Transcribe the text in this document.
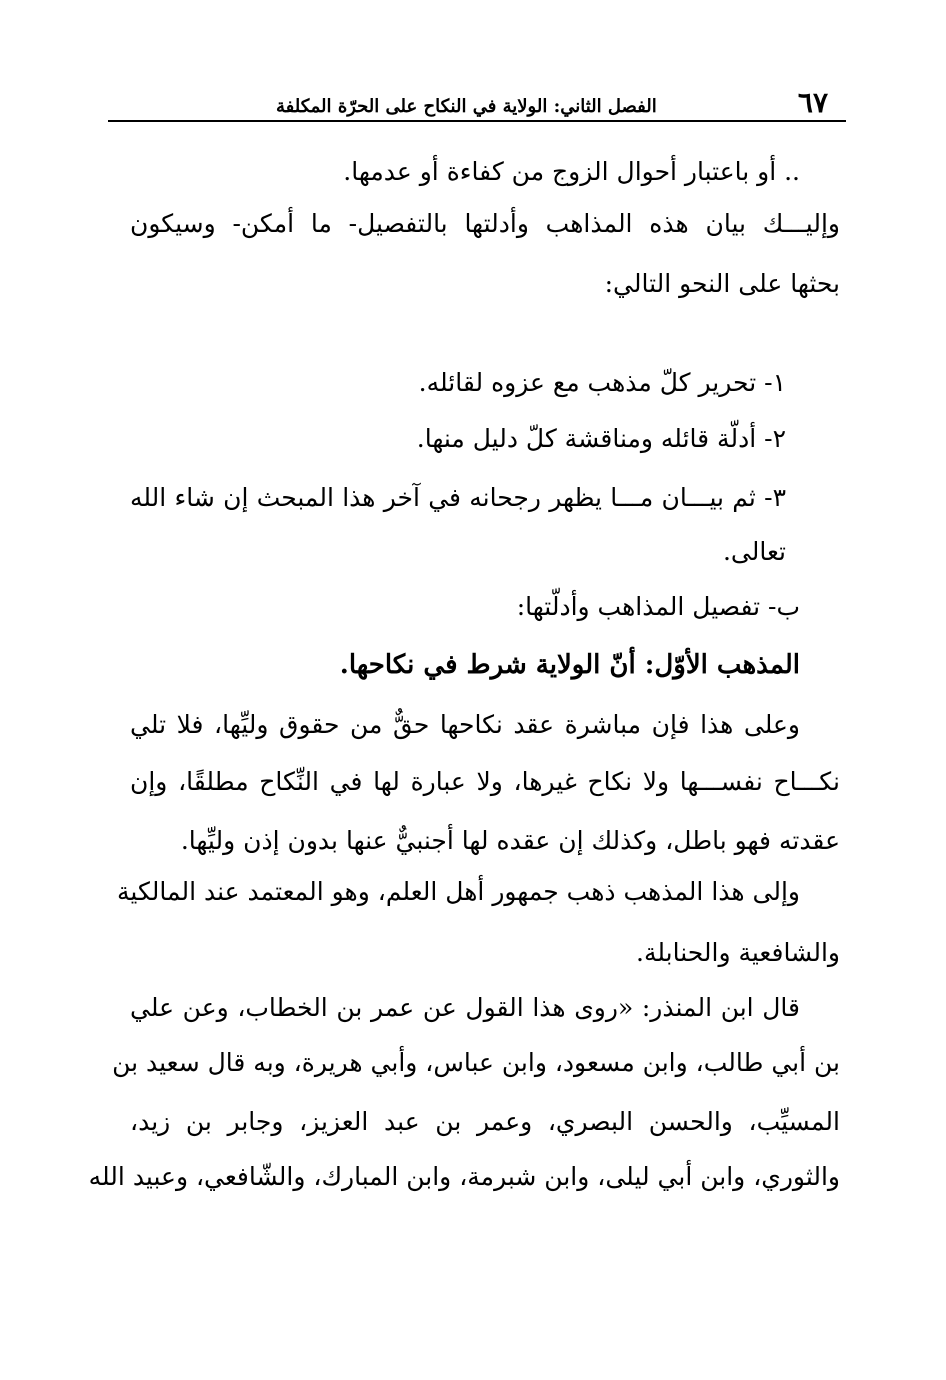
الفصل الثاني: الولاية في النكاح على الحرّة المكلفة	٦٧
.. أو باعتبار أحوال الزوج من كفاءة أو عدمها.
وإليـــك بيان هذه المذاهب وأدلتها بالتفصيل- ما أمكن- وسيكون
بحثها على النحو التالي:
١- تحرير كلّ مذهب مع عزوه لقائله.
٢- أدلّة قائله ومناقشة كلّ دليل منها.
٣- ثم بيـــان مـــا يظهر رجحانه في آخر هذا المبحث إن شاء الله
تعالى.
ب- تفصيل المذاهب وأدلّتها:
المذهب الأوّل: أنّ الولاية شرط في نكاحها.
وعلى هذا فإن مباشرة عقد نكاحها حقٌّ من حقوق وليِّها، فلا تلي
نكـــاح نفســـها ولا نكاح غيرها، ولا عبارة لها في النِّكاح مطلقًا، وإن
عقدته فهو باطل، وكذلك إن عقده لها أجنبيٌّ عنها بدون إذن وليِّها.
وإلى هذا المذهب ذهب جمهور أهل العلم، وهو المعتمد عند المالكية
والشافعية والحنابلة.
قال ابن المنذر: «روى هذا القول عن عمر بن الخطاب، وعن علي
بن أبي طالب، وابن مسعود، وابن عباس، وأبي هريرة، وبه قال سعيد بن
المسيِّب، والحسن البصري، وعمر بن عبد العزيز، وجابر بن زيد،
والثوري، وابن أبي ليلى، وابن شبرمة، وابن المبارك، والشّافعي، وعبيد الله
